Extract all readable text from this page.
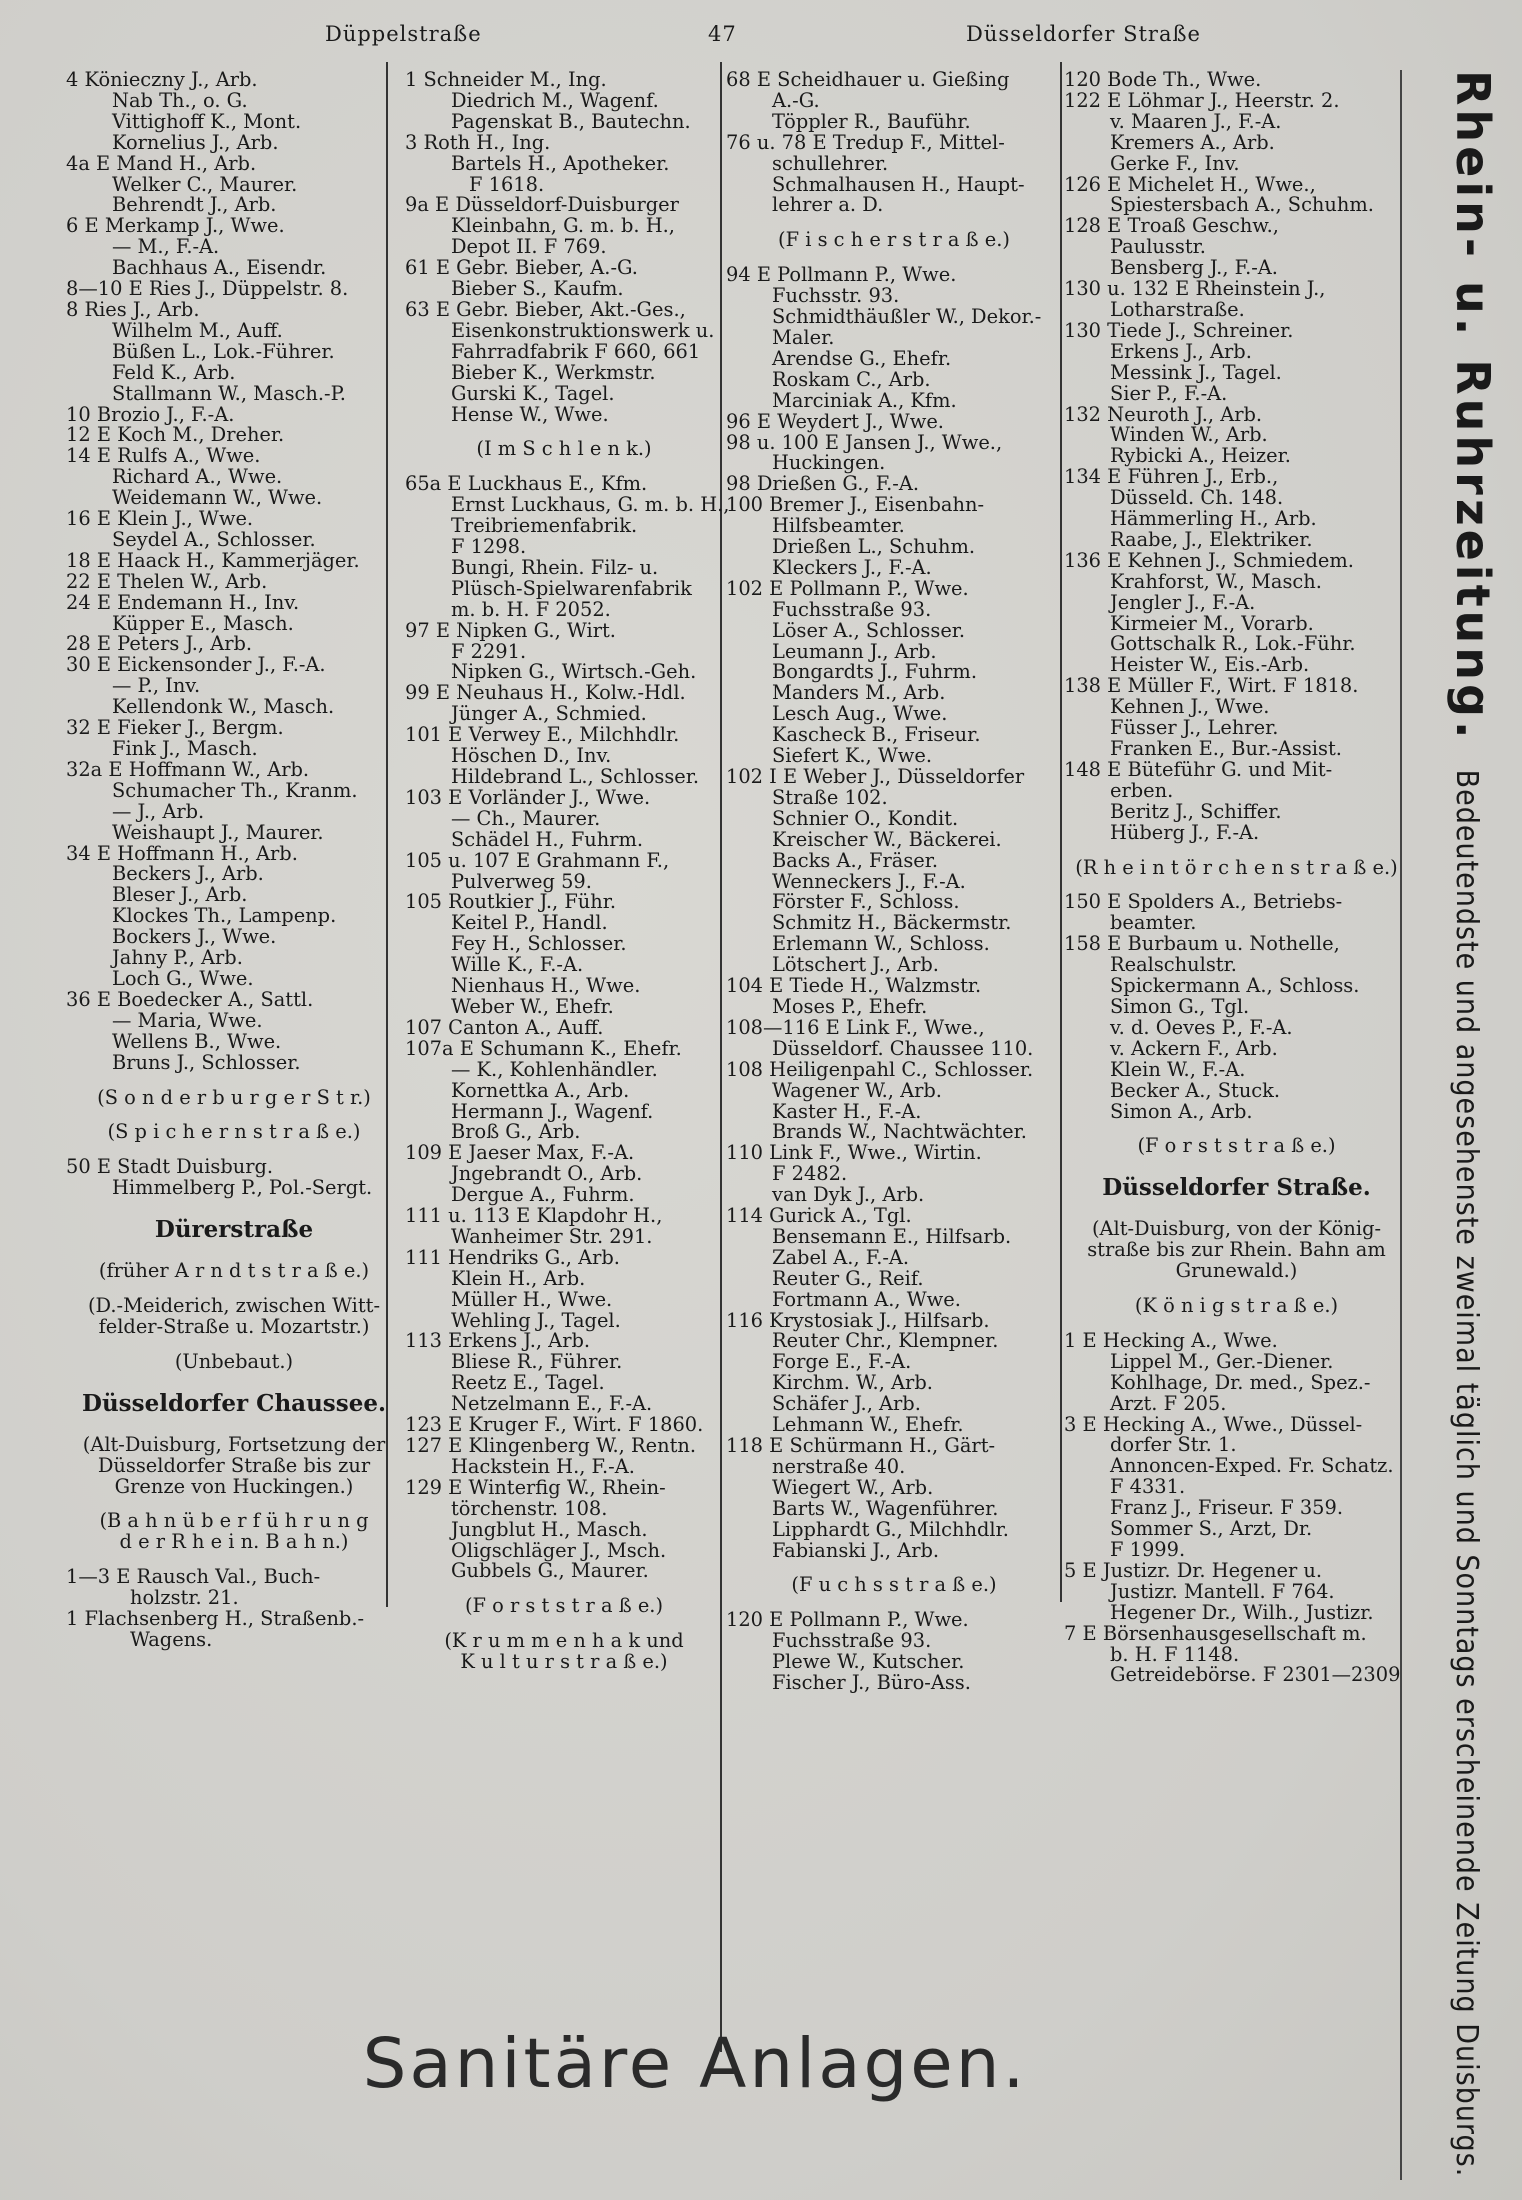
Düppelstraße	47	Düsseldorfer Straße
4 Könieczny J., Arb.
Nab Th., o. G.
Vittighoff K., Mont.
Kornelius J., Arb.
4a E Mand H., Arb.
Welker C., Maurer.
Behrendt J., Arb.
6 E Merkamp J., Wwe.
— M., F.-A.
Bachhaus A., Eisendr.
8—10 E Ries J., Düppelstr. 8.
8 Ries J., Arb.
Wilhelm M., Auff.
Büßen L., Lok.-Führer.
Feld K., Arb.
Stallmann W., Masch.-P.
10 Brozio J., F.-A.
12 E Koch M., Dreher.
14 E Rulfs A., Wwe.
Richard A., Wwe.
Weidemann W., Wwe.
16 E Klein J., Wwe.
Seydel A., Schlosser.
18 E Haack H., Kammerjäger.
22 E Thelen W., Arb.
24 E Endemann H., Inv.
Küpper E., Masch.
28 E Peters J., Arb.
30 E Eickensonder J., F.-A.
— P., Inv.
Kellendonk W., Masch.
32 E Fieker J., Bergm.
Fink J., Masch.
32a E Hoffmann W., Arb.
Schumacher Th., Kranm.
— J., Arb.
Weishaupt J., Maurer.
34 E Hoffmann H., Arb.
Beckers J., Arb.
Bleser J., Arb.
Klockes Th., Lampenp.
Bockers J., Wwe.
Jahny P., Arb.
Loch G., Wwe.
36 E Boedecker A., Sattl.
— Maria, Wwe.
Wellens B., Wwe.
Bruns J., Schlosser.
(S o n d e r b u r g e r S t r.)
(S p i c h e r n s t r a ß e.)
50 E Stadt Duisburg.
Himmelberg P., Pol.-Sergt.
Dürerstraße
(früher A r n d t s t r a ß e.)
(D.-Meiderich, zwischen Witt-
felder-Straße u. Mozartstr.)
(Unbebaut.)
Düsseldorfer Chaussee.
(Alt-Duisburg, Fortsetzung der
Düsseldorfer Straße bis zur
Grenze von Huckingen.)
(B a h n ü b e r f ü h r u n g
d e r R h e i n. B a h n.)
1—3 E Rausch Val., Buch-
holzstr. 21.
1 Flachsenberg H., Straßenb.-
Wagens.
1 Schneider M., Ing.
Diedrich M., Wagenf.
Pagenskat B., Bautechn.
3 Roth H., Ing.
Bartels H., Apotheker.
F 1618.
9a E Düsseldorf-Duisburger
Kleinbahn, G. m. b. H.,
Depot II. F 769.
61 E Gebr. Bieber, A.-G.
Bieber S., Kaufm.
63 E Gebr. Bieber, Akt.-Ges.,
Eisenkonstruktionswerk u.
Fahrradfabrik F 660, 661
Bieber K., Werkmstr.
Gurski K., Tagel.
Hense W., Wwe.
(I m S c h l e n k.)
65a E Luckhaus E., Kfm.
Ernst Luckhaus, G. m. b. H.,
Treibriemenfabrik.
F 1298.
Bungi, Rhein. Filz- u.
Plüsch-Spielwarenfabrik
m. b. H. F 2052.
97 E Nipken G., Wirt.
F 2291.
Nipken G., Wirtsch.-Geh.
99 E Neuhaus H., Kolw.-Hdl.
Jünger A., Schmied.
101 E Verwey E., Milchhdlr.
Höschen D., Inv.
Hildebrand L., Schlosser.
103 E Vorländer J., Wwe.
— Ch., Maurer.
Schädel H., Fuhrm.
105 u. 107 E Grahmann F.,
Pulverweg 59.
105 Routkier J., Führ.
Keitel P., Handl.
Fey H., Schlosser.
Wille K., F.-A.
Nienhaus H., Wwe.
Weber W., Ehefr.
107 Canton A., Auff.
107a E Schumann K., Ehefr.
— K., Kohlenhändler.
Kornettka A., Arb.
Hermann J., Wagenf.
Broß G., Arb.
109 E Jaeser Max, F.-A.
Jngebrandt O., Arb.
Dergue A., Fuhrm.
111 u. 113 E Klapdohr H.,
Wanheimer Str. 291.
111 Hendriks G., Arb.
Klein H., Arb.
Müller H., Wwe.
Wehling J., Tagel.
113 Erkens J., Arb.
Bliese R., Führer.
Reetz E., Tagel.
Netzelmann E., F.-A.
123 E Kruger F., Wirt. F 1860.
127 E Klingenberg W., Rentn.
Hackstein H., F.-A.
129 E Winterfig W., Rhein-
törchenstr. 108.
Jungblut H., Masch.
Oligschläger J., Msch.
Gubbels G., Maurer.
(F o r s t s t r a ß e.)
(K r u m m e n h a k und
K u l t u r s t r a ß e.)
68 E Scheidhauer u. Gießing
A.-G.
Töppler R., Bauführ.
76 u. 78 E Tredup F., Mittel-
schullehrer.
Schmalhausen H., Haupt-
lehrer a. D.
(F i s c h e r s t r a ß e.)
94 E Pollmann P., Wwe.
Fuchsstr. 93.
Schmidthäußler W., Dekor.-
Maler.
Arendse G., Ehefr.
Roskam C., Arb.
Marciniak A., Kfm.
96 E Weydert J., Wwe.
98 u. 100 E Jansen J., Wwe.,
Huckingen.
98 Drießen G., F.-A.
100 Bremer J., Eisenbahn-
Hilfsbeamter.
Drießen L., Schuhm.
Kleckers J., F.-A.
102 E Pollmann P., Wwe.
Fuchsstraße 93.
Löser A., Schlosser.
Leumann J., Arb.
Bongardts J., Fuhrm.
Manders M., Arb.
Lesch Aug., Wwe.
Kascheck B., Friseur.
Siefert K., Wwe.
102 I E Weber J., Düsseldorfer
Straße 102.
Schnier O., Kondit.
Kreischer W., Bäckerei.
Backs A., Fräser.
Wenneckers J., F.-A.
Förster F., Schloss.
Schmitz H., Bäckermstr.
Erlemann W., Schloss.
Lötschert J., Arb.
104 E Tiede H., Walzmstr.
Moses P., Ehefr.
108—116 E Link F., Wwe.,
Düsseldorf. Chaussee 110.
108 Heiligenpahl C., Schlosser.
Wagener W., Arb.
Kaster H., F.-A.
Brands W., Nachtwächter.
110 Link F., Wwe., Wirtin.
F 2482.
van Dyk J., Arb.
114 Gurick A., Tgl.
Bensemann E., Hilfsarb.
Zabel A., F.-A.
Reuter G., Reif.
Fortmann A., Wwe.
116 Krystosiak J., Hilfsarb.
Reuter Chr., Klempner.
Forge E., F.-A.
Kirchm. W., Arb.
Schäfer J., Arb.
Lehmann W., Ehefr.
118 E Schürmann H., Gärt-
nerstraße 40.
Wiegert W., Arb.
Barts W., Wagenführer.
Lipphardt G., Milchhdlr.
Fabianski J., Arb.
(F u c h s s t r a ß e.)
120 E Pollmann P., Wwe.
Fuchsstraße 93.
Plewe W., Kutscher.
Fischer J., Büro-Ass.
120 Bode Th., Wwe.
122 E Löhmar J., Heerstr. 2.
v. Maaren J., F.-A.
Kremers A., Arb.
Gerke F., Inv.
126 E Michelet H., Wwe.,
Spiestersbach A., Schuhm.
128 E Troaß Geschw.,
Paulusstr.
Bensberg J., F.-A.
130 u. 132 E Rheinstein J.,
Lotharstraße.
130 Tiede J., Schreiner.
Erkens J., Arb.
Messink J., Tagel.
Sier P., F.-A.
132 Neuroth J., Arb.
Winden W., Arb.
Rybicki A., Heizer.
134 E Führen J., Erb.,
Düsseld. Ch. 148.
Hämmerling H., Arb.
Raabe, J., Elektriker.
136 E Kehnen J., Schmiedem.
Krahforst, W., Masch.
Jengler J., F.-A.
Kirmeier M., Vorarb.
Gottschalk R., Lok.-Führ.
Heister W., Eis.-Arb.
138 E Müller F., Wirt. F 1818.
Kehnen J., Wwe.
Füsser J., Lehrer.
Franken E., Bur.-Assist.
148 E Büteführ G. und Mit-
erben.
Beritz J., Schiffer.
Hüberg J., F.-A.
(R h e i n t ö r c h e n s t r a ß e.)
150 E Spolders A., Betriebs-
beamter.
158 E Burbaum u. Nothelle,
Realschulstr.
Spickermann A., Schloss.
Simon G., Tgl.
v. d. Oeves P., F.-A.
v. Ackern F., Arb.
Klein W., F.-A.
Becker A., Stuck.
Simon A., Arb.
(F o r s t s t r a ß e.)
Düsseldorfer Straße.
(Alt-Duisburg, von der König-
straße bis zur Rhein. Bahn am
Grunewald.)
(K ö n i g s t r a ß e.)
1 E Hecking A., Wwe.
Lippel M., Ger.-Diener.
Kohlhage, Dr. med., Spez.-
Arzt. F 205.
3 E Hecking A., Wwe., Düssel-
dorfer Str. 1.
Annoncen-Exped. Fr. Schatz.
F 4331.
Franz J., Friseur. F 359.
Sommer S., Arzt, Dr.
F 1999.
5 E Justizr. Dr. Hegener u.
Justizr. Mantell. F 764.
Hegener Dr., Wilh., Justizr.
7 E Börsenhausgesellschaft m.
b. H. F 1148.
Getreidebörse. F 2301—2309
Sanitäre Anlagen.
Rhein- u. Ruhrzeitung. Bedeutendste und angesehenste zweimal täglich und Sonntags erscheinende Zeitung Duisburgs.
